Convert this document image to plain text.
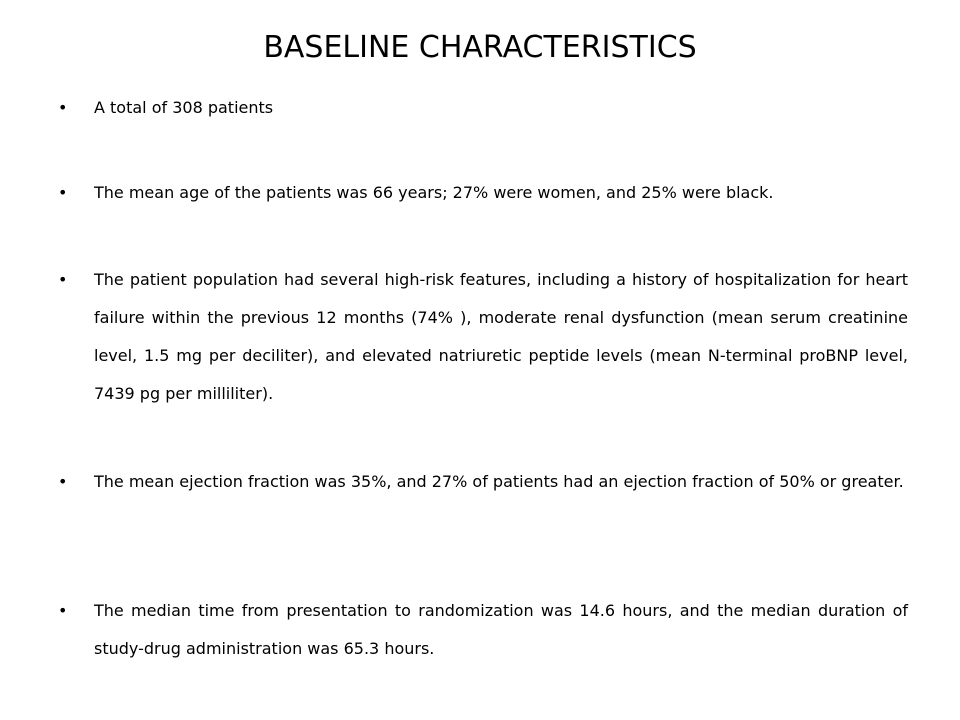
BASELINE CHARACTERISTICS
• A total of 308 patients
• The mean age of the patients was 66 years; 27% were women, and 25% were black.
• The patient population had several high-risk features, including a history of hospitalization for heart failure within the previous 12 months (74% ), moderate renal dysfunction (mean serum creatinine level, 1.5 mg per deciliter), and elevated natriuretic peptide levels (mean N-terminal proBNP level, 7439 pg per milliliter).
• The mean ejection fraction was 35%, and 27% of patients had an ejection fraction of 50% or greater.
• The median time from presentation to randomization was 14.6 hours, and the median duration of study-drug administration was 65.3 hours.
